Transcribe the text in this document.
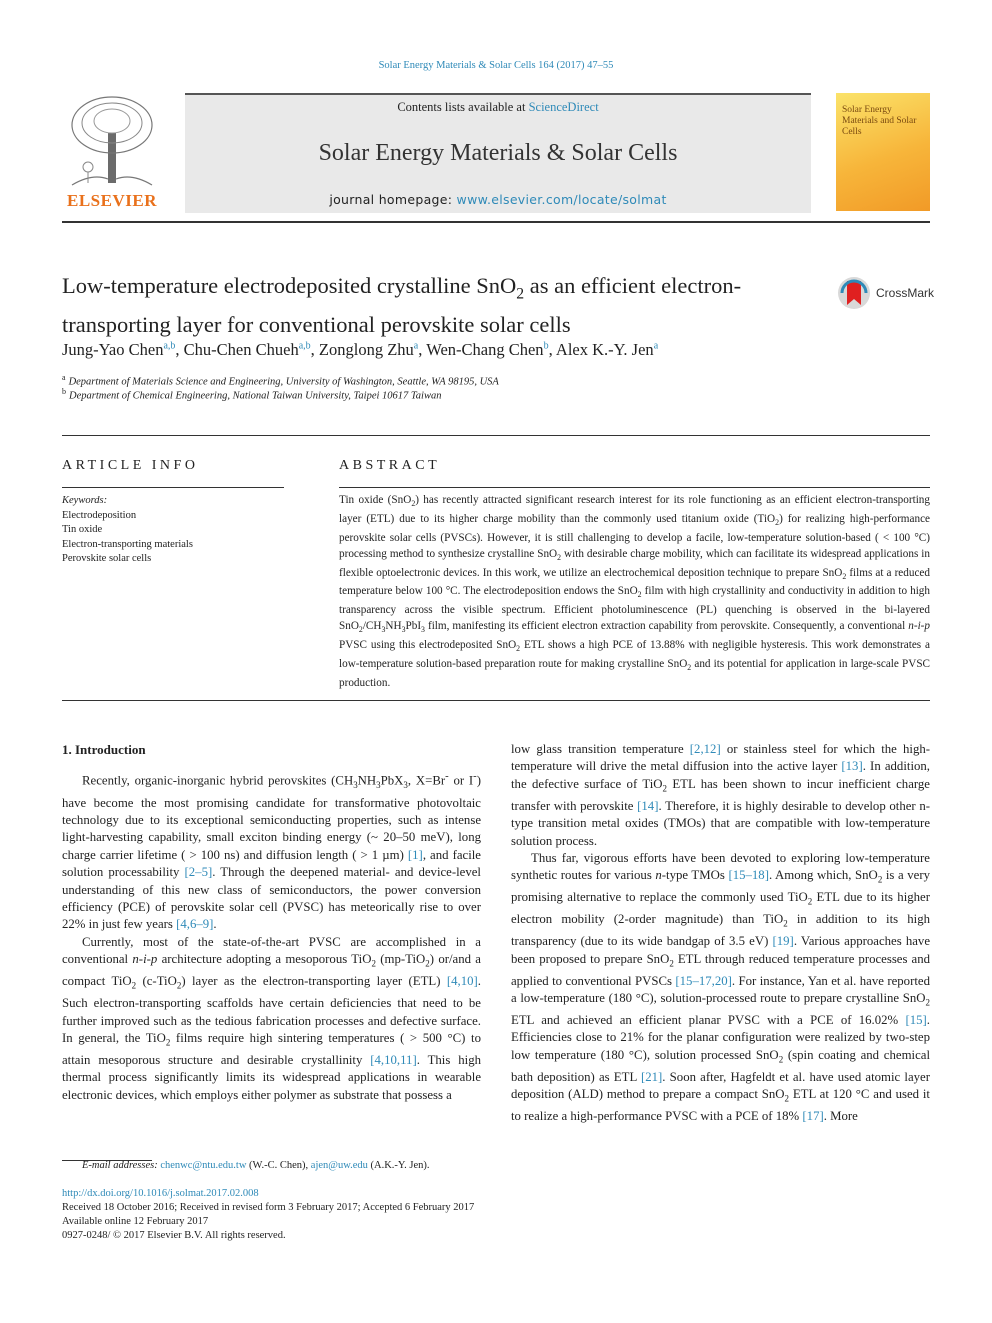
Solar Energy Materials & Solar Cells 164 (2017) 47–55
ELSEVIER
Contents lists available at ScienceDirect
Solar Energy Materials & Solar Cells
journal homepage: www.elsevier.com/locate/solmat
Solar Energy Materials and Solar Cells
Low-temperature electrodeposited crystalline SnO$_2$ as an efficient electron-transporting layer for conventional perovskite solar cells
CrossMark
Jung-Yao Chen$^{a,b}$, Chu-Chen Chueh$^{a,b}$, Zonglong Zhu$^a$, Wen-Chang Chen$^b$, Alex K.-Y. Jen$^a$
$^a$ Department of Materials Science and Engineering, University of Washington, Seattle, WA 98195, USA
$^b$ Department of Chemical Engineering, National Taiwan University, Taipei 10617 Taiwan
ARTICLE INFO	ABSTRACT
Keywords:
Electrodeposition
Tin oxide
Electron-transporting materials
Perovskite solar cells
Tin oxide (SnO$_2$) has recently attracted significant research interest for its role functioning as an efficient electron-transporting layer (ETL) due to its higher charge mobility than the commonly used titanium oxide (TiO$_2$) for realizing high-performance perovskite solar cells (PVSCs). However, it is still challenging to develop a facile, low-temperature solution-based ( < 100 °C) processing method to synthesize crystalline SnO$_2$ with desirable charge mobility, which can facilitate its widespread applications in flexible optoelectronic devices. In this work, we utilize an electrochemical deposition technique to prepare SnO$_2$ films at a reduced temperature below 100 °C. The electrodeposition endows the SnO$_2$ film with high crystallinity and conductivity in addition to high transparency across the visible spectrum. Efficient photoluminescence (PL) quenching is observed in the bi-layered $SnO_2/CH_3NH_3PbI_3$ film, manifesting its efficient electron extraction capability from perovskite. Consequently, a conventional n-i-p PVSC using this electrodeposited SnO$_2$ ETL shows a high PCE of 13.88% with negligible hysteresis. This work demonstrates a low-temperature solution-based preparation route for making crystalline SnO$_2$ and its potential for application in large-scale PVSC production.
1. Introduction

Recently, organic-inorganic hybrid perovskites ($CH_3NH_3PbX_3$, X=Br- or I-) have become the most promising candidate for transformative photovoltaic technology due to its exceptional semiconducting properties, such as intense light-harvesting capability, small exciton binding energy (~ 20–50 meV), long charge carrier lifetime ( > 100 ns) and diffusion length ( > 1 µm) [1], and facile solution processability [2–5]. Through the deepened material- and device-level understanding of this new class of semiconductors, the power conversion efficiency (PCE) of perovskite solar cell (PVSC) has meteorically rise to over 22% in just few years [4,6–9].

Currently, most of the state-of-the-art PVSC are accomplished in a conventional n-i-p architecture adopting a mesoporous TiO$_2$ (mp-TiO$_2$) or/and a compact TiO$_2$ (c-TiO$_2$) layer as the electron-transporting layer (ETL) [4,10]. Such electron-transporting scaffolds have certain deficiencies that need to be further improved such as the tedious fabrication processes and defective surface. In general, the TiO$_2$ films require high sintering temperatures ( > 500 °C) to attain mesoporous structure and desirable crystallinity [4,10,11]. This high thermal process significantly limits its widespread applications in wearable electronic devices, which employs either polymer as substrate that possess a

low glass transition temperature [2,12] or stainless steel for which the high-temperature will drive the metal diffusion into the active layer [13]. In addition, the defective surface of TiO$_2$ ETL has been shown to incur inefficient charge transfer with perovskite [14]. Therefore, it is highly desirable to develop other n-type transition metal oxides (TMOs) that are compatible with low-temperature solution process.

Thus far, vigorous efforts have been devoted to exploring low-temperature synthetic routes for various n-type TMOs [15–18]. Among which, SnO$_2$ is a very promising alternative to replace the commonly used TiO$_2$ ETL due to its higher electron mobility (2-order magnitude) than TiO$_2$ in addition to its high transparency (due to its wide bandgap of 3.5 eV) [19]. Various approaches have been proposed to prepare SnO$_2$ ETL through reduced temperature processes and applied to conventional PVSCs [15–17,20]. For instance, Yan et al. have reported a low-temperature (180 °C), solution-processed route to prepare crystalline SnO$_2$ ETL and achieved an efficient planar PVSC with a PCE of 16.02% [15]. Efficiencies close to 21% for the planar configuration were realized by two-step low temperature (180 °C), solution processed SnO$_2$ (spin coating and chemical bath deposition) as ETL [21]. Soon after, Hagfeldt et al. have used atomic layer deposition (ALD) method to prepare a compact SnO$_2$ ETL at 120 °C and used it to realize a high-performance PVSC with a PCE of 18% [17]. More

E-mail addresses: chenwc@ntu.edu.tw (W.-C. Chen), ajen@uw.edu (A.K.-Y. Jen).
http://dx.doi.org/10.1016/j.solmat.2017.02.008
Received 18 October 2016; Received in revised form 3 February 2017; Accepted 6 February 2017
Available online 12 February 2017
0927-0248/ © 2017 Elsevier B.V. All rights reserved.
